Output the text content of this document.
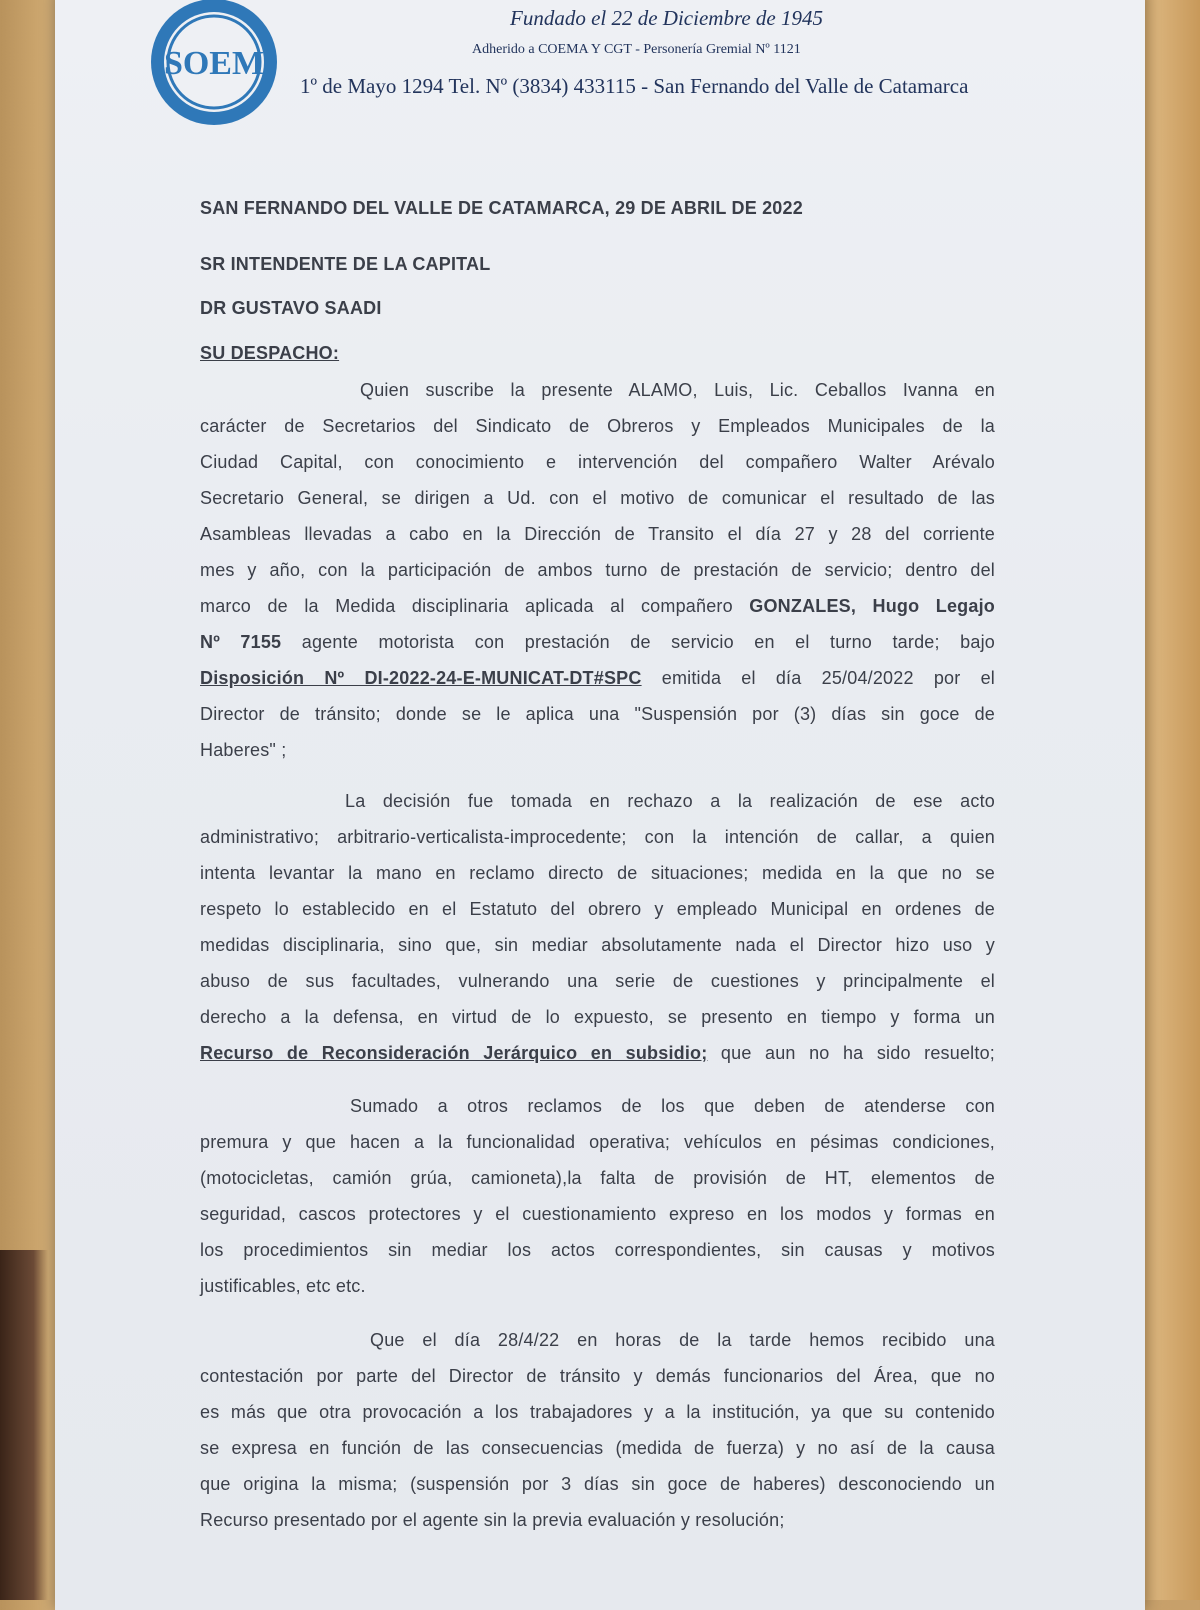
SOEM
Fundado el 22 de Diciembre de 1945
Adherido a COEMA Y CGT - Personería Gremial Nº 1121
1º de Mayo 1294 Tel. Nº (3834) 433115 - San Fernando del Valle de Catamarca
SAN FERNANDO DEL VALLE DE CATAMARCA, 29 DE ABRIL DE 2022
SR INTENDENTE DE LA CAPITAL
DR GUSTAVO SAADI
SU DESPACHO:
Quien suscribe la presente ALAMO, Luis, Lic. Ceballos Ivanna en
carácter de Secretarios del Sindicato de Obreros y Empleados Municipales de la
Ciudad Capital, con conocimiento e intervención del compañero Walter Arévalo
Secretario General, se dirigen a Ud. con el motivo de comunicar el resultado de las
Asambleas llevadas a cabo en la Dirección de Transito el día 27 y 28 del corriente
mes y año, con la participación de ambos turno de prestación de servicio; dentro del
marco de la Medida disciplinaria aplicada al compañero GONZALES, Hugo Legajo
Nº 7155 agente motorista con prestación de servicio en el turno tarde; bajo
Disposición Nº DI-2022-24-E-MUNICAT-DT#SPC emitida el día 25/04/2022 por el
Director de tránsito; donde se le aplica una "Suspensión por (3) días sin goce de
Haberes" ;
La decisión fue tomada en rechazo a la realización de ese acto
administrativo; arbitrario-verticalista-improcedente; con la intención de callar, a quien
intenta levantar la mano en reclamo directo de situaciones; medida en la que no se
respeto lo establecido en el Estatuto del obrero y empleado Municipal en ordenes de
medidas disciplinaria, sino que, sin mediar absolutamente nada el Director hizo uso y
abuso de sus facultades, vulnerando una serie de cuestiones y principalmente el
derecho a la defensa, en virtud de lo expuesto, se presento en tiempo y forma un
Recurso de Reconsideración Jerárquico en subsidio; que aun no ha sido resuelto;
Sumado a otros reclamos de los que deben de atenderse con
premura y que hacen a la funcionalidad operativa; vehículos en pésimas condiciones,
(motocicletas, camión grúa, camioneta),la falta de provisión de HT, elementos de
seguridad, cascos protectores y el cuestionamiento expreso en los modos y formas en
los procedimientos sin mediar los actos correspondientes, sin causas y motivos
justificables, etc etc.
Que el día 28/4/22 en horas de la tarde hemos recibido una
contestación por parte del Director de tránsito y demás funcionarios del Área, que no
es más que otra provocación a los trabajadores y a la institución, ya que su contenido
se expresa en función de las consecuencias (medida de fuerza) y no así de la causa
que origina la misma; (suspensión por 3 días sin goce de haberes) desconociendo un
Recurso presentado por el agente sin la previa evaluación y resolución;
